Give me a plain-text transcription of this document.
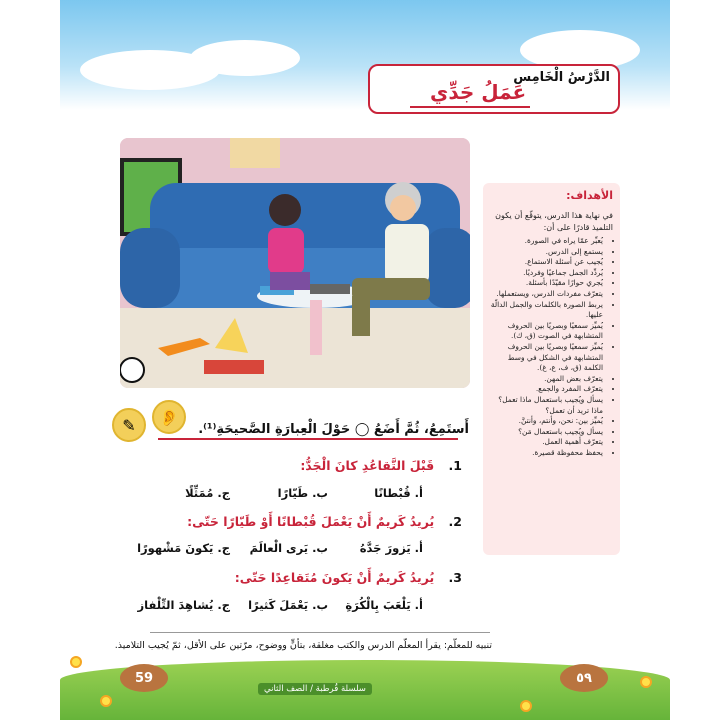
الدَّرْسُ الْخَامِس
عَمَلُ جَدِّي
الأهداف:

في نهاية هذا الدرس، يتوقّع أن يكون التلميذ قادرًا على أن:

• يُعبِّر عمّا يراه في الصورة.
• يستمع إلى الدرس.
• يُجيب عن أسئلة الاستماع.
• يُردِّد الجمل جماعيًا وفرديًا.
• يُجري حوارًا مقيّدًا بأسئلة.
• يتعرّف مفردات الدرس، ويستعملها.
• يربط الصورة بالكلمات والجمل الدالّة عليها.
• يُميِّز سمعيًا وبصريًا بين الحروف المتشابهة في الصوت (ق، ك).
• يُميِّز سمعيًا وبصريًا بين الحروف المتشابهة في الشكل في وسط الكلمة (ق، ف، ع، غ).
• يتعرّف بعض المهن.
• يتعرّف المفرد والجمع.
• يسأل ويُجيب باستعمال ماذا تعمل؟ ماذا تريد أن تعمل؟
• يُميِّز بين: نحن، وأنتم، وأنتنَّ.
• يسأل ويُجيب باستعمال مَن؟
• يتعرّف أهمية العمل.
• يحفظ محفوظة قصيرة.
✎	👂
أَستَمِعُ، ثُمَّ أَضَعُ ◯ حَوْلَ الْعِبارَةِ الصَّحيحَةِ⁽¹⁾.
1. قَبْلَ التَّقاعُدِ كانَ الْجَدُّ:
أ. قُبْطانًا
ب. طَيّارًا
ج. مُمَثِّلًا
2. يُريدُ كَريمٌ أَنْ يَعْمَلَ قُبْطانًا أَوْ طَيّارًا حَتّى:
أ. يَزورَ جَدَّهُ
ب. يَرى الْعالَمَ
ج. يَكونَ مَشْهورًا
3. يُريدُ كَريمٌ أَنْ يَكونَ مُتَقاعِدًا حَتّى:
أ. يَلْعَبَ بِالْكُرَةِ
ب. يَعْمَلَ كَثيرًا
ج. يُشاهِدَ التِّلْفاز
تنبيه للمعلّم: يقرأ المعلّم الدرس والكتب مغلقة، بتأنٍّ ووضوح، مرّتين على الأقل، ثمّ يُجيب التلاميذ.
59	٥٩
سلسلة قُرطبة / الصف الثاني
